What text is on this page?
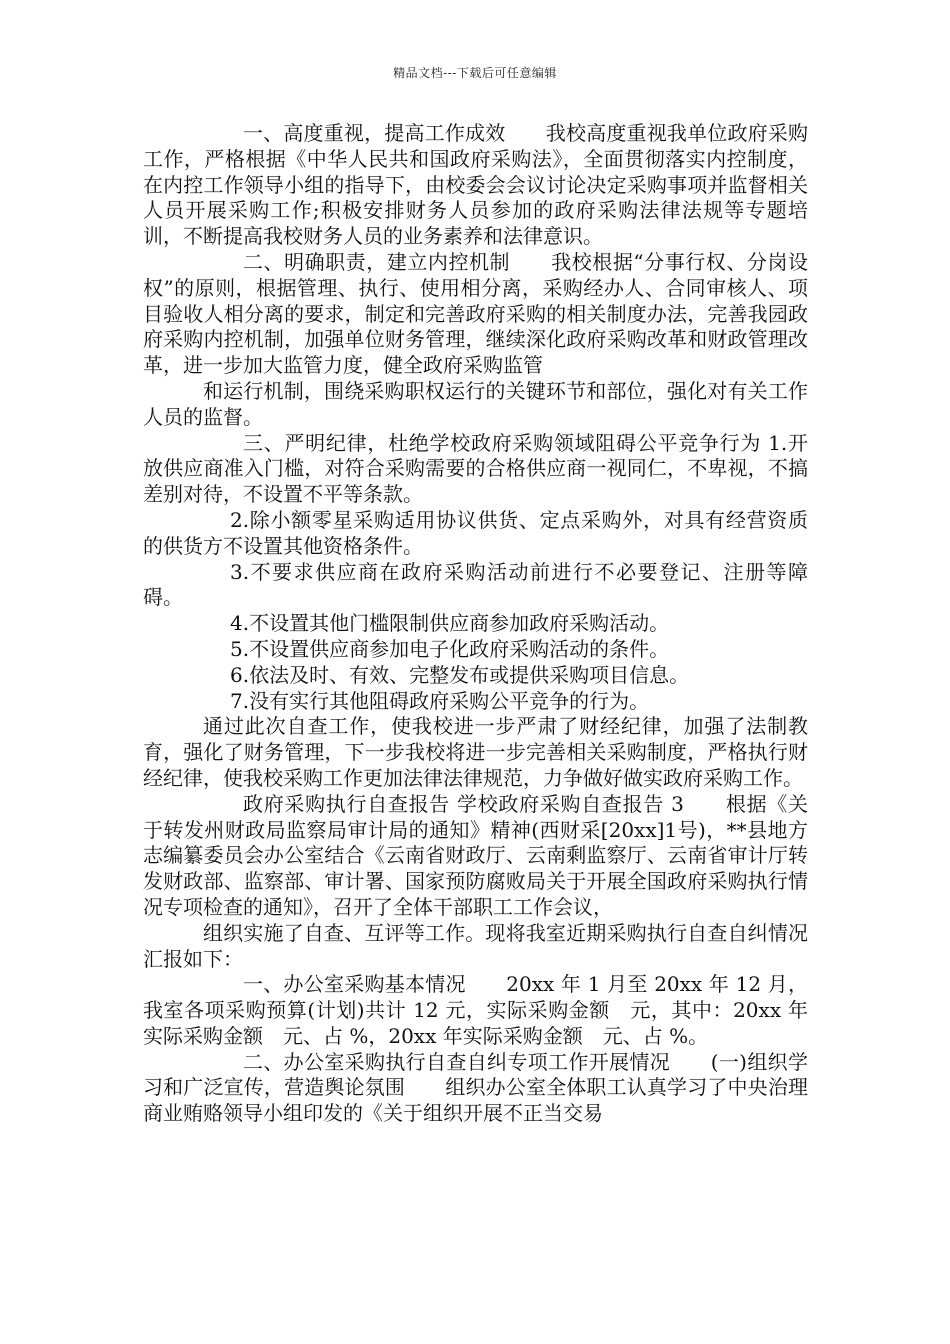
精品文档---下载后可任意编辑

一、高度重视，提高工作成效　　我校高度重视我单位政府采购工作，严格根据《中华人民共和国政府采购法》，全面贯彻落实内控制度，在内控工作领导小组的指导下，由校委会会议讨论决定采购事项并监督相关人员开展采购工作;积极安排财务人员参加的政府采购法律法规等专题培训，不断提高我校财务人员的业务素养和法律意识。

二、明确职责，建立内控机制　　我校根据“分事行权、分岗设权”的原则，根据管理、执行、使用相分离，采购经办人、合同审核人、项目验收人相分离的要求，制定和完善政府采购的相关制度办法，完善我园政府采购内控机制，加强单位财务管理，继续深化政府采购改革和财政管理改革，进一步加大监管力度，健全政府采购监管

和运行机制，围绕采购职权运行的关键环节和部位，强化对有关工作人员的监督。

三、严明纪律，杜绝学校政府采购领域阻碍公平竞争行为 1.开放供应商准入门槛，对符合采购需要的合格供应商一视同仁，不卑视，不搞差别对待，不设置不平等条款。

2.除小额零星采购适用协议供货、定点采购外，对具有经营资质的供货方不设置其他资格条件。

3.不要求供应商在政府采购活动前进行不必要登记、注册等障碍。

4.不设置其他门槛限制供应商参加政府采购活动。

5.不设置供应商参加电子化政府采购活动的条件。

6.依法及时、有效、完整发布或提供采购项目信息。

7.没有实行其他阻碍政府采购公平竞争的行为。

通过此次自查工作，使我校进一步严肃了财经纪律，加强了法制教育，强化了财务管理，下一步我校将进一步完善相关采购制度，严格执行财经纪律，使我校采购工作更加法律法律规范，力争做好做实政府采购工作。

政府采购执行自查报告 学校政府采购自查报告 3　　根据《关于转发州财政局监察局审计局的通知》精神(西财采[20xx]1号)，**县地方志编纂委员会办公室结合《云南省财政厅、云南剩监察厅、云南省审计厅转发财政部、监察部、审计署、国家预防腐败局关于开展全国政府采购执行情况专项检查的通知》，召开了全体干部职工工作会议，

组织实施了自查、互评等工作。现将我室近期采购执行自查自纠情况汇报如下：

一、办公室采购基本情况　　20xx 年 1 月至 20xx 年 12 月，我室各项采购预算(计划)共计 12 元，实际采购金额　元，其中：20xx 年实际采购金额　元、占 %，20xx 年实际采购金额　元、占 %。

二、办公室采购执行自查自纠专项工作开展情况　　(一)组织学习和广泛宣传，营造舆论氛围　　组织办公室全体职工认真学习了中央治理商业贿赂领导小组印发的《关于组织开展不正当交易
